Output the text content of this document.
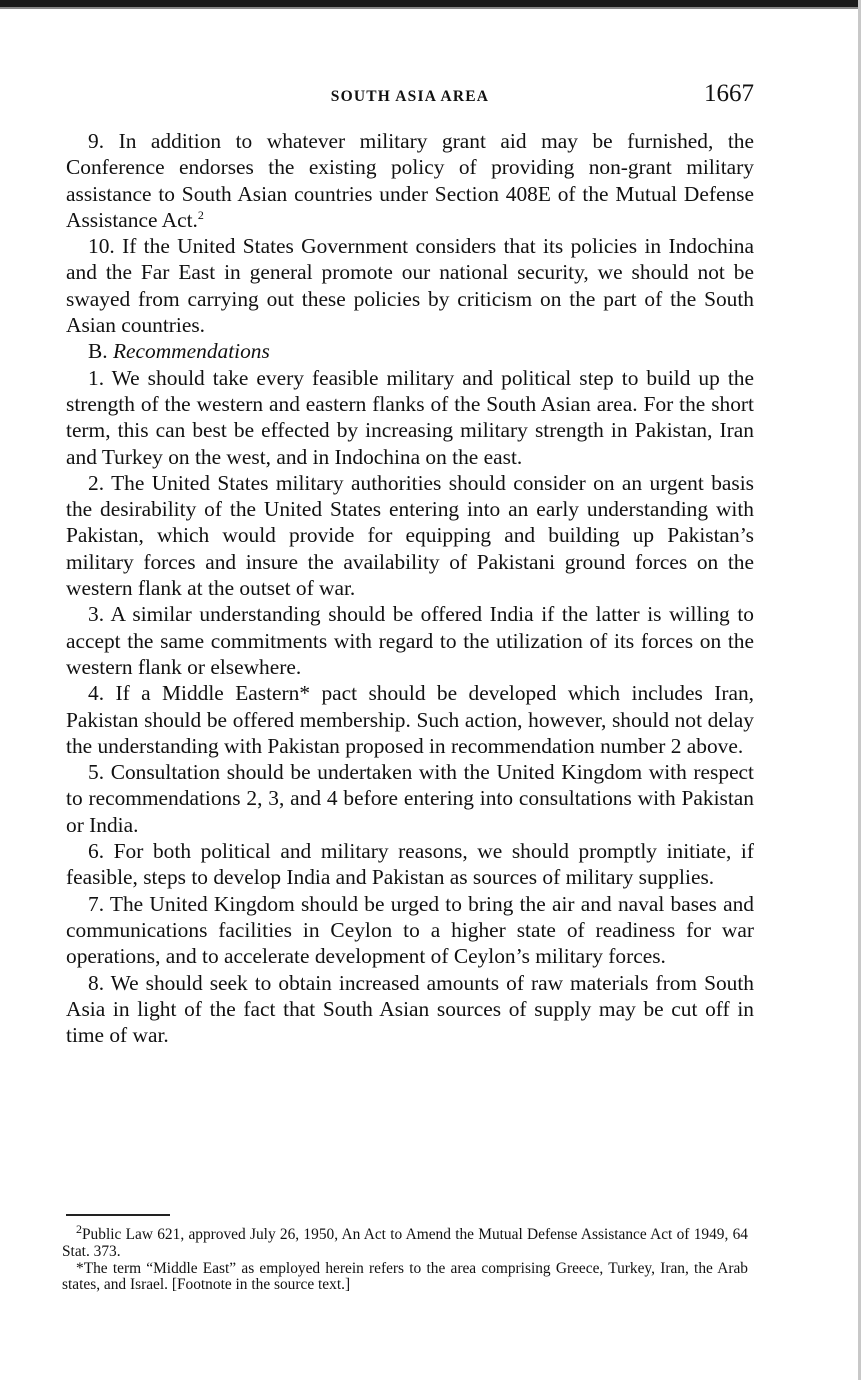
SOUTH ASIA AREA	1667

9. In addition to whatever military grant aid may be furnished, the Conference endorses the existing policy of providing non-grant military assistance to South Asian countries under Section 408E of the Mutual Defense Assistance Act.$^2$

10. If the United States Government considers that its policies in Indochina and the Far East in general promote our national security, we should not be swayed from carrying out these policies by criticism on the part of the South Asian countries.

B. Recommendations

1. We should take every feasible military and political step to build up the strength of the western and eastern flanks of the South Asian area. For the short term, this can best be effected by increasing military strength in Pakistan, Iran and Turkey on the west, and in Indochina on the east.
2. The United States military authorities should consider on an urgent basis the desirability of the United States entering into an early understanding with Pakistan, which would provide for equipping and building up Pakistan’s military forces and insure the availability of Pakistani ground forces on the western flank at the outset of war.
3. A similar understanding should be offered India if the latter is willing to accept the same commitments with regard to the utilization of its forces on the western flank or elsewhere.
4. If a Middle Eastern* pact should be developed which includes Iran, Pakistan should be offered membership. Such action, however, should not delay the understanding with Pakistan proposed in recommendation number 2 above.
5. Consultation should be undertaken with the United Kingdom with respect to recommendations 2, 3, and 4 before entering into consultations with Pakistan or India.
6. For both political and military reasons, we should promptly initiate, if feasible, steps to develop India and Pakistan as sources of military supplies.
7. The United Kingdom should be urged to bring the air and naval bases and communications facilities in Ceylon to a higher state of readiness for war operations, and to accelerate development of Ceylon’s military forces.
8. We should seek to obtain increased amounts of raw materials from South Asia in light of the fact that South Asian sources of supply may be cut off in time of war.

$^2$Public Law 621, approved July 26, 1950, An Act to Amend the Mutual Defense Assistance Act of 1949, 64 Stat. 373.

*The term “Middle East” as employed herein refers to the area comprising Greece, Turkey, Iran, the Arab states, and Israel. [Footnote in the source text.]
